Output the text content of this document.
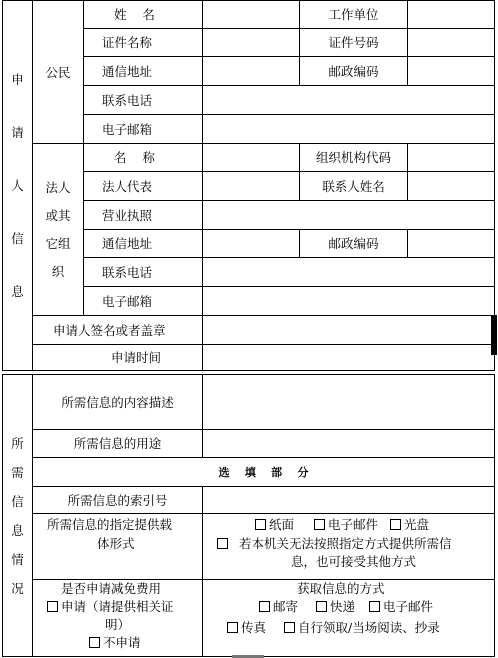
申
请
人
信
息
公民
姓    名	工作单位
证件名称	证件号码
通信地址	邮政编码
联系电话
电子邮箱
法人
或其
它组
织
名    称	组织机构代码
法人代表	联系人姓名
营业执照
通信地址	邮政编码
联系电话
电子邮箱
申请人签名或者盖章
申请时间
所
需
信
息
情
况
所需信息的内容描述
所需信息的用途
选    填    部    分
所需信息的索引号
所需信息的指定提供载
体形式
纸面	电子邮件 光盘
若本机关无法按照指定方式提供所需信
息，也可接受其他方式
是否申请减免费用
申请（请提供相关证
明）
不申请
获取信息的方式
邮寄	快递 电子邮件
传真	自行领取/当场阅读、抄录
